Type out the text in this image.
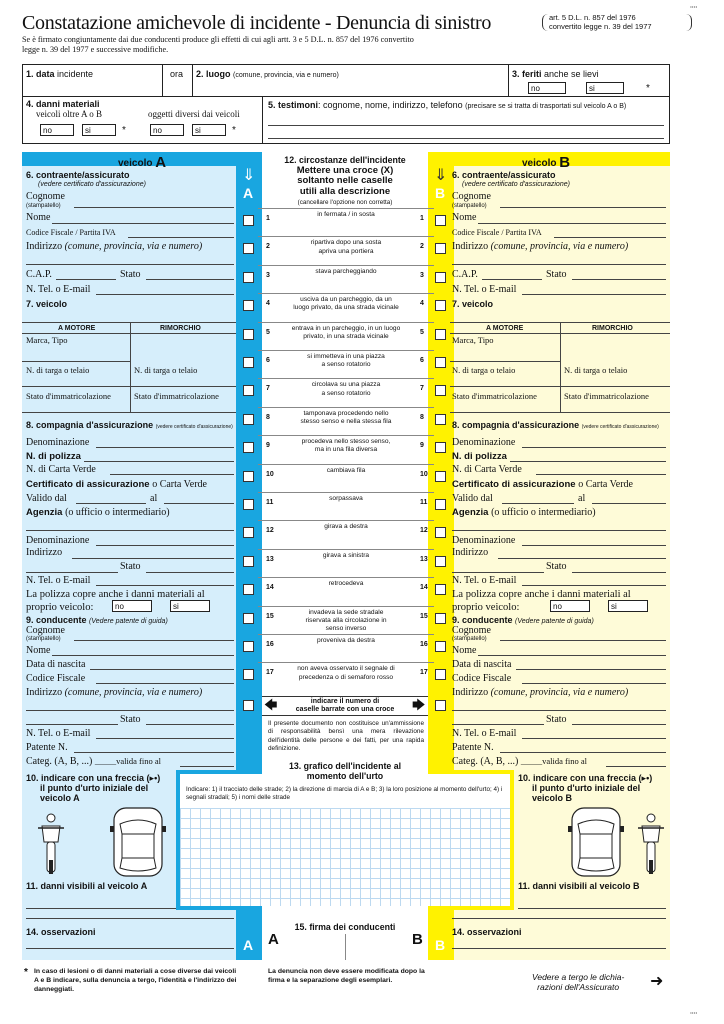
Constatazione amichevole di incidente - Denuncia di sinistro	art. 5 D.L. n. 857 del 1976
convertito legge n. 39 del 1977
Se è firmato congiuntamente dai due conducenti produce gli effetti di cui agli artt. 3 e 5 D.L. n. 857 del 1976 convertito
legge n. 39 del 1977 e successive modifiche.
┈
1. data incidente	ora 2. luogo (comune, provincia, via e numero)	3. feriti anche se lievi
no	si	*
4. danni materiali
veicoli oltre A o B	oggetti diversi dai veicoli
no	si	*	no	si	*
5. testimoni: cognome, nome, indirizzo, telefono (precisare se si tratta di trasportati sul veicolo A o B)
veicolo A	veicolo B
⇓
A
⇓
B
A	B
6. contraente/assicurato
(vedere certificato d'assicurazione)
Cognome
(stampatello)
Nome
Codice Fiscale / Partita IVA
Indirizzo (comune, provincia, via e numero)
C.A.P.	Stato
N. Tel. o E-mail
7. veicolo
A MOTORE	RIMORCHIO
Marca, Tipo
N. di targa o telaio	N. di targa o telaio
Stato d'immatricolazione	Stato d'immatricolazione
8. compagnia d'assicurazione (vedere certificato d'assicurazione)
Denominazione
N. di polizza
N. di Carta Verde
Certificato di assicurazione o Carta Verde
Valido dal	al
Agenzia (o ufficio o intermediario)
Denominazione
Indirizzo
Stato
N. Tel. o E-mail
La polizza copre anche i danni materiali al
proprio veicolo:	no	si
9. conducente (Vedere patente di guida)
Cognome
(stampatello)
Nome
Data di nascita
Codice Fiscale
Indirizzo (comune, provincia, via e numero)
Stato
N. Tel. o E-mail
Patente N.
Categ. (A, B, ...) _____valida fino al
10. indicare con una freccia (▸•)
il punto d'urto iniziale del
veicolo A
11. danni visibili al veicolo A
14. osservazioni
6. contraente/assicurato
(vedere certificato d'assicurazione)
Cognome
(stampatello)
Nome
Codice Fiscale / Partita IVA
Indirizzo (comune, provincia, via e numero)
C.A.P.	Stato
N. Tel. o E-mail
7. veicolo
A MOTORE	RIMORCHIO
Marca, Tipo
N. di targa o telaio	N. di targa o telaio
Stato d'immatricolazione	Stato d'immatricolazione
8. compagnia d'assicurazione (vedere certificato d'assicurazione)
Denominazione
N. di polizza
N. di Carta Verde
Certificato di assicurazione o Carta Verde
Valido dal	al
Agenzia (o ufficio o intermediario)
Denominazione
Indirizzo
Stato
N. Tel. o E-mail
La polizza copre anche i danni materiali al
proprio veicolo:	no	si
9. conducente (Vedere patente di guida)
Cognome
(stampatello)
Nome
Data di nascita
Codice Fiscale
Indirizzo (comune, provincia, via e numero)
Stato
N. Tel. o E-mail
Patente N.
Categ. (A, B, ...) _____valida fino al
10. indicare con una freccia (▸•)
il punto d'urto iniziale del
veicolo B
11. danni visibili al veicolo B
14. osservazioni
12. circostanze dell'incidente
Mettere una croce (X)
soltanto nelle caselle
utili alla descrizione
(cancellare l'opzione non corretta)
1	1
in fermata / in sosta
2	2
ripartiva dopo una sosta
apriva una portiera
3	3
stava parcheggiando
4	4
usciva da un parcheggio, da un
luogo privato, da una strada vicinale
5	5
entrava in un parcheggio, in un luogo
privato, in una strada vicinale
6	6
si immetteva in una piazza
a senso rotatorio
7	7
circolava su una piazza
a senso rotatorio
8	8
tamponava procedendo nello
stesso senso e nella stessa fila
9	9
procedeva nello stesso senso,
ma in una fila diversa
10	10
cambiava fila
11	11
sorpassava
12	12
girava a destra
13	13
girava a sinistra
14	14
retrocedeva
15	15
invadeva la sede stradale
riservata alla circolazione in
senso inverso
16	16
proveniva da destra
17	17
non aveva osservato il segnale di
precedenza o di semaforo rosso
🡄	indicare il numero di
caselle barrate con una croce	🡆
Il presente documento non costituisce un'ammissione di responsabilità bensì una mera rilevazione dell'identità delle persone e dei fatti, per una rapida definizione.
13. grafico dell'incidente al
momento dell'urto
Indicare: 1) il tracciato delle strade; 2) la direzione di marcia di A e B; 3) la loro posizione al momento dell'urto; 4) i segnali stradali; 5) i nomi delle strade
15. firma dei conducenti
A	B
* In caso di lesioni o di danni materiali a cose diverse dai veicoli A e B indicare, sulla denuncia a tergo, l'identità e l'indirizzo dei danneggiati.
La denuncia non deve essere modificata dopo la firma e la separazione degli esemplari.	Vedere a tergo le dichia-
razioni dell'Assicurato	➜
┈
